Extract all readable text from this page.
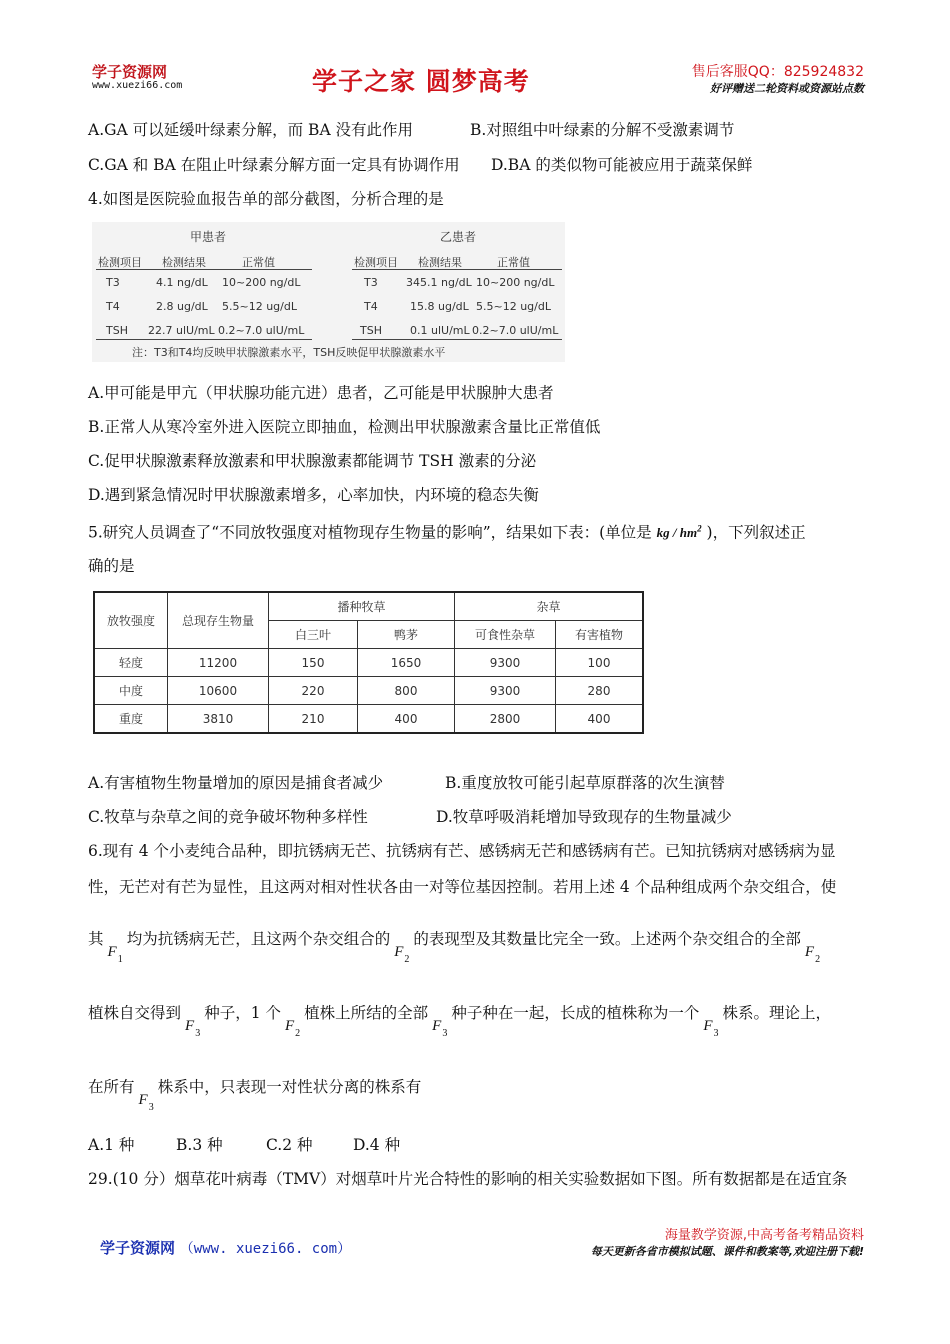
学子资源网
www.xuezi66.com	学子之家 圆梦高考	售后客服QQ：825924832
好评赠送二轮资料或资源站点数
A.GA 可以延缓叶绿素分解，而 BA 没有此作用	B.对照组中叶绿素的分解不受激素调节
C.GA 和 BA 在阻止叶绿素分解方面一定具有协调作用 D.BA 的类似物可能被应用于蔬菜保鲜
4.如图是医院验血报告单的部分截图，分析合理的是
甲患者	乙患者
检测项目 检测结果	正常值
T3	4.1 ng/dL 10~200 ng/dL
T4	2.8 ug/dL 5.5~12 ug/dL
TSH 22.7 ulU/mL 0.2~7.0 ulU/mL
检测项目 检测结果	正常值
T3	345.1 ng/dL 10~200 ng/dL
T4	15.8 ug/dL 5.5~12 ug/dL
TSH	0.1 ulU/mL 0.2~7.0 ulU/mL
注：T3和T4均反映甲状腺激素水平，TSH反映促甲状腺激素水平
A.甲可能是甲亢（甲状腺功能亢进）患者，乙可能是甲状腺肿大患者
B.正常人从寒冷室外进入医院立即抽血，检测出甲状腺激素含量比正常值低
C.促甲状腺激素释放激素和甲状腺激素都能调节 TSH 激素的分泌
D.遇到紧急情况时甲状腺激素增多，心率加快，内环境的稳态失衡
5.研究人员调查了“不同放牧强度对植物现存生物量的影响”，结果如下表：(单位是 kg / $hm^2$ )，下列叙述正
确的是
放牧强度	总现存生物量	播种牧草		杂草	
		白三叶	鸭茅	可食性杂草	有害植物
轻度	11200	150	1650	9300	100
中度	10600	220	800	9300	280
重度	3810	210	400	2800	400
A.有害植物生物量增加的原因是捕食者减少	B.重度放牧可能引起草原群落的次生演替
C.牧草与杂草之间的竞争破坏物种多样性	D.牧草呼吸消耗增加导致现存的生物量减少
6.现有 4 个小麦纯合品种，即抗锈病无芒、抗锈病有芒、感锈病无芒和感锈病有芒。已知抗锈病对感锈病为显
性，无芒对有芒为显性，且这两对相对性状各由一对等位基因控制。若用上述 4 个品种组成两个杂交组合，使
其$F_1$均为抗锈病无芒，且这两个杂交组合的$F_2$的表现型及其数量比完全一致。上述两个杂交组合的全部$F_2$
植株自交得到$F_3$种子，1 个$F_2$植株上所结的全部$F_3$种子种在一起，长成的植株称为一个$F_3$株系。理论上，
在所有$F_3$株系中，只表现一对性状分离的株系有
A.1 种	B.3 种	C.2 种	D.4 种
29.(10 分）烟草花叶病毒（TMV）对烟草叶片光合特性的影响的相关实验数据如下图。所有数据都是在适宜条
学子资源网 （www. xuezi66. com）
海量教学资源,中高考备考精品资料
每天更新各省市模拟试题、课件和教案等,欢迎注册下载!
